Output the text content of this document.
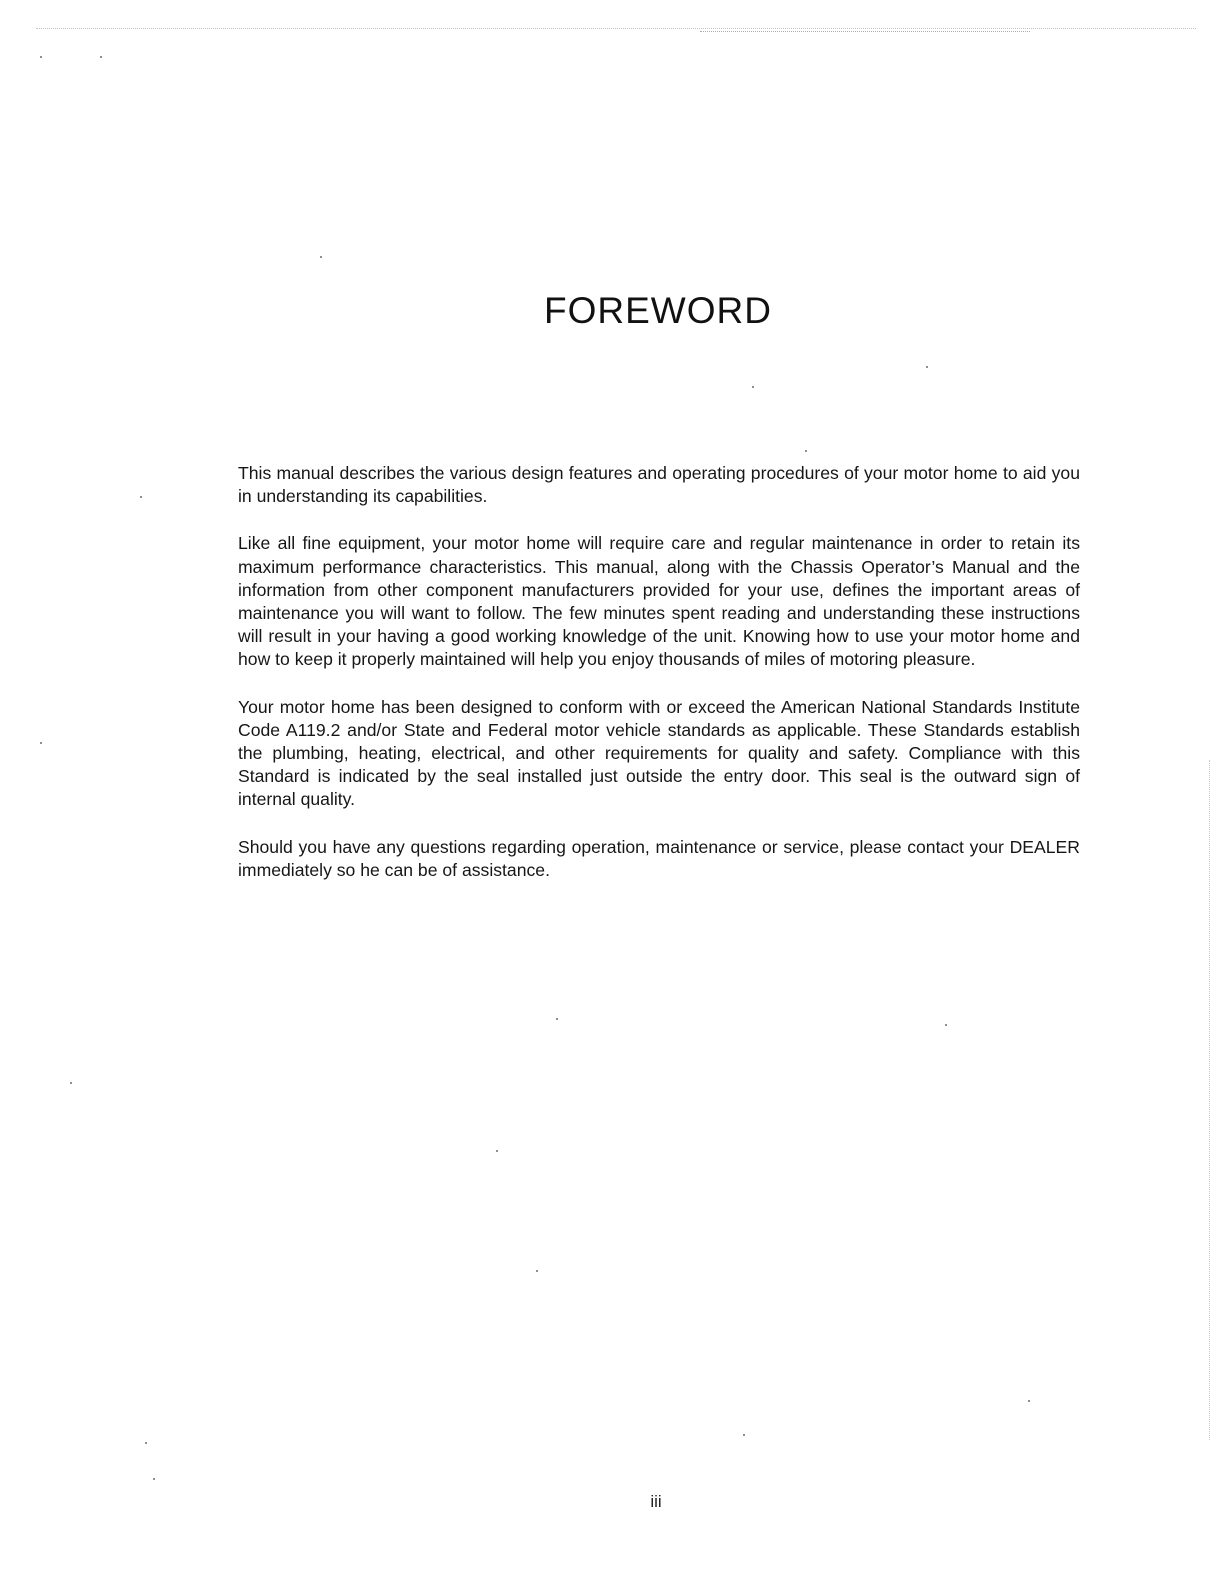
FOREWORD

This manual describes the various design features and operating procedures of your motor home to aid you in understanding its capabilities.

Like all fine equipment, your motor home will require care and regular maintenance in order to retain its maximum performance characteristics. This manual, along with the Chassis Operator’s Manual and the information from other component manufacturers provided for your use, defines the important areas of maintenance you will want to follow. The few minutes spent reading and understanding these instructions will result in your having a good working knowledge of the unit. Knowing how to use your motor home and how to keep it properly maintained will help you enjoy thousands of miles of motoring pleasure.

Your motor home has been designed to conform with or exceed the American National Standards Institute Code A119.2 and/or State and Federal motor vehicle standards as applicable. These Standards establish the plumbing, heating, electrical, and other requirements for quality and safety. Compliance with this Standard is indicated by the seal installed just outside the entry door. This seal is the outward sign of internal quality.

Should you have any questions regarding operation, maintenance or service, please contact your DEALER immediately so he can be of assistance.

iii
